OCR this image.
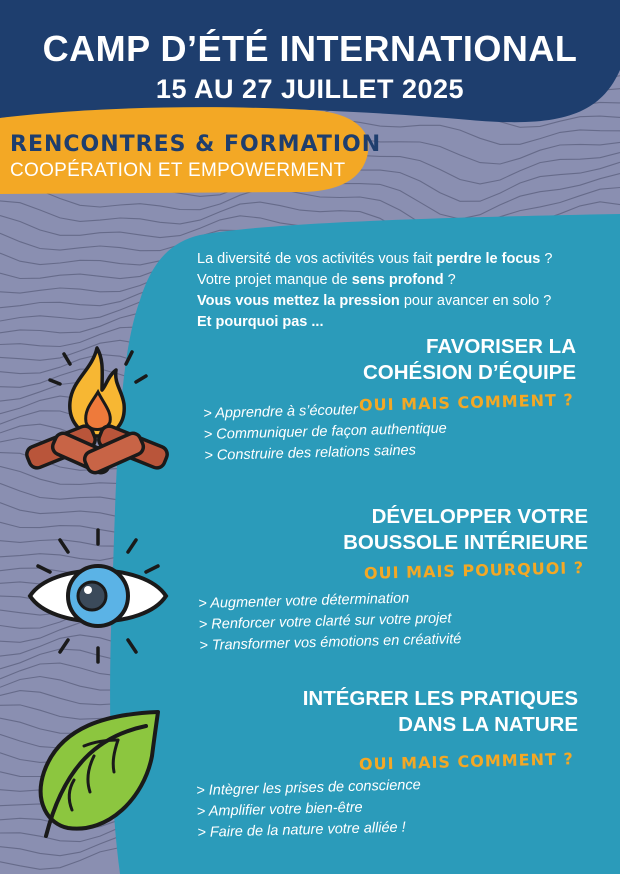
CAMP D’ÉTÉ INTERNATIONAL
15 AU 27 JUILLET 2025
RENCONTRES & FORMATION
COOPÉRATION ET EMPOWERMENT
La diversité de vos activités vous fait perdre le focus ?
Votre projet manque de sens profond ?
Vous vous mettez la pression pour avancer en solo ?
Et pourquoi pas ...
FAVORISER LA
COHÉSION D’ÉQUIPE
OUI MAIS COMMENT ?
> Apprendre à s’écouter
> Communiquer de façon authentique
> Construire des relations saines
DÉVELOPPER VOTRE
BOUSSOLE INTÉRIEURE
OUI MAIS POURQUOI ?
> Augmenter votre détermination
> Renforcer votre clarté sur votre projet
> Transformer vos émotions en créativité
INTÉGRER LES PRATIQUES
DANS LA NATURE
OUI MAIS COMMENT ?
> Intègrer les prises de conscience
> Amplifier votre bien-être
> Faire de la nature votre alliée !
